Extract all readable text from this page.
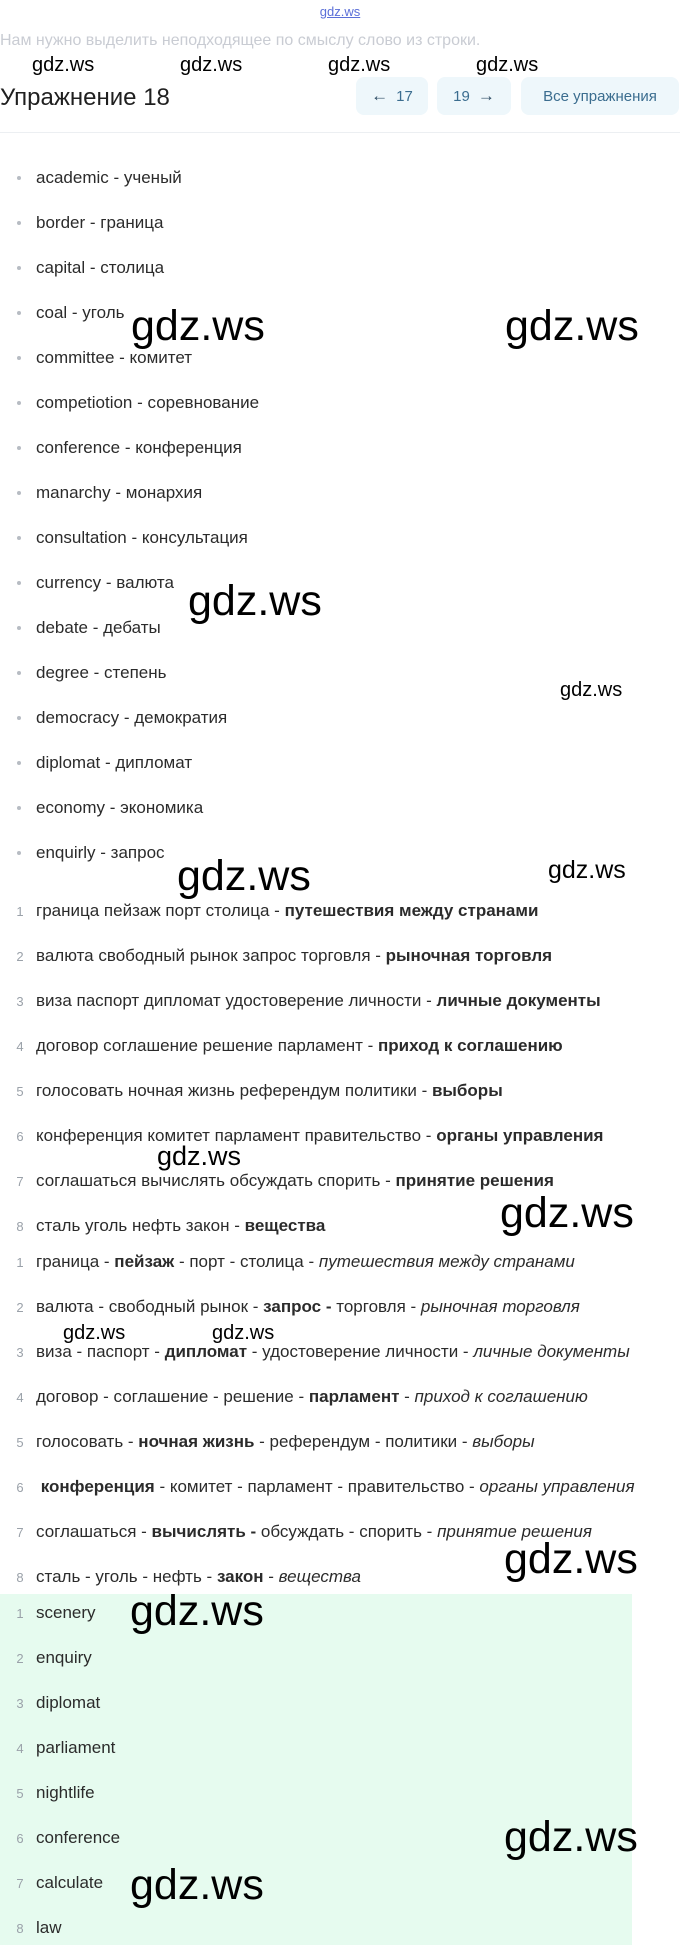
gdz.ws
Нам нужно выделить неподходящее по смыслу слово из строки.
Упражнение 18	← 17	19 →	Все упражнения
academic - ученый
border - граница
capital - столица
coal - уголь
committee - комитет
competiotion - соревнование
conference - конференция
manarchy - монархия
consultation - консультация
currency - валюта
debate - дебаты
degree - степень
democracy - демократия
diplomat - дипломат
economy - экономика
enquirly - запрос
1 граница пейзаж порт столица - путешествия между странами
2 валюта свободный рынок запрос торговля - рыночная торговля
3 виза паспорт дипломат удостоверение личности - личные документы
4 договор соглашение решение парламент - приход к соглашению
5 голосовать ночная жизнь референдум политики - выборы
6 конференция комитет парламент правительство - органы управления
7 соглашаться вычислять обсуждать спорить - принятие решения
8 сталь уголь нефть закон - вещества
1 граница - пейзаж - порт - столица - путешествия между странами
2 валюта - свободный рынок - запрос - торговля - рыночная торговля
3 виза - паспорт - дипломат - удостоверение личности - личные документы
4 договор - соглашение - решение - парламент - приход к соглашению
5 голосовать - ночная жизнь - референдум - политики - выборы
6 конференция - комитет - парламент - правительство - органы управления
7 соглашаться - вычислять - обсуждать - спорить - принятие решения
8 сталь - уголь - нефть - закон - вещества
1 scenery
2 enquiry
3 diplomat
4 parliament
5 nightlife
6 conference
7 calculate
8 law
gdz.ws	gdz.ws	gdz.ws	gdz.ws
gdz.ws	gdz.ws
gdz.ws
gdz.ws
gdz.ws	gdz.ws
gdz.ws
gdz.ws
gdz.ws	gdz.ws
gdz.ws
gdz.ws
gdz.ws
gdz.ws
